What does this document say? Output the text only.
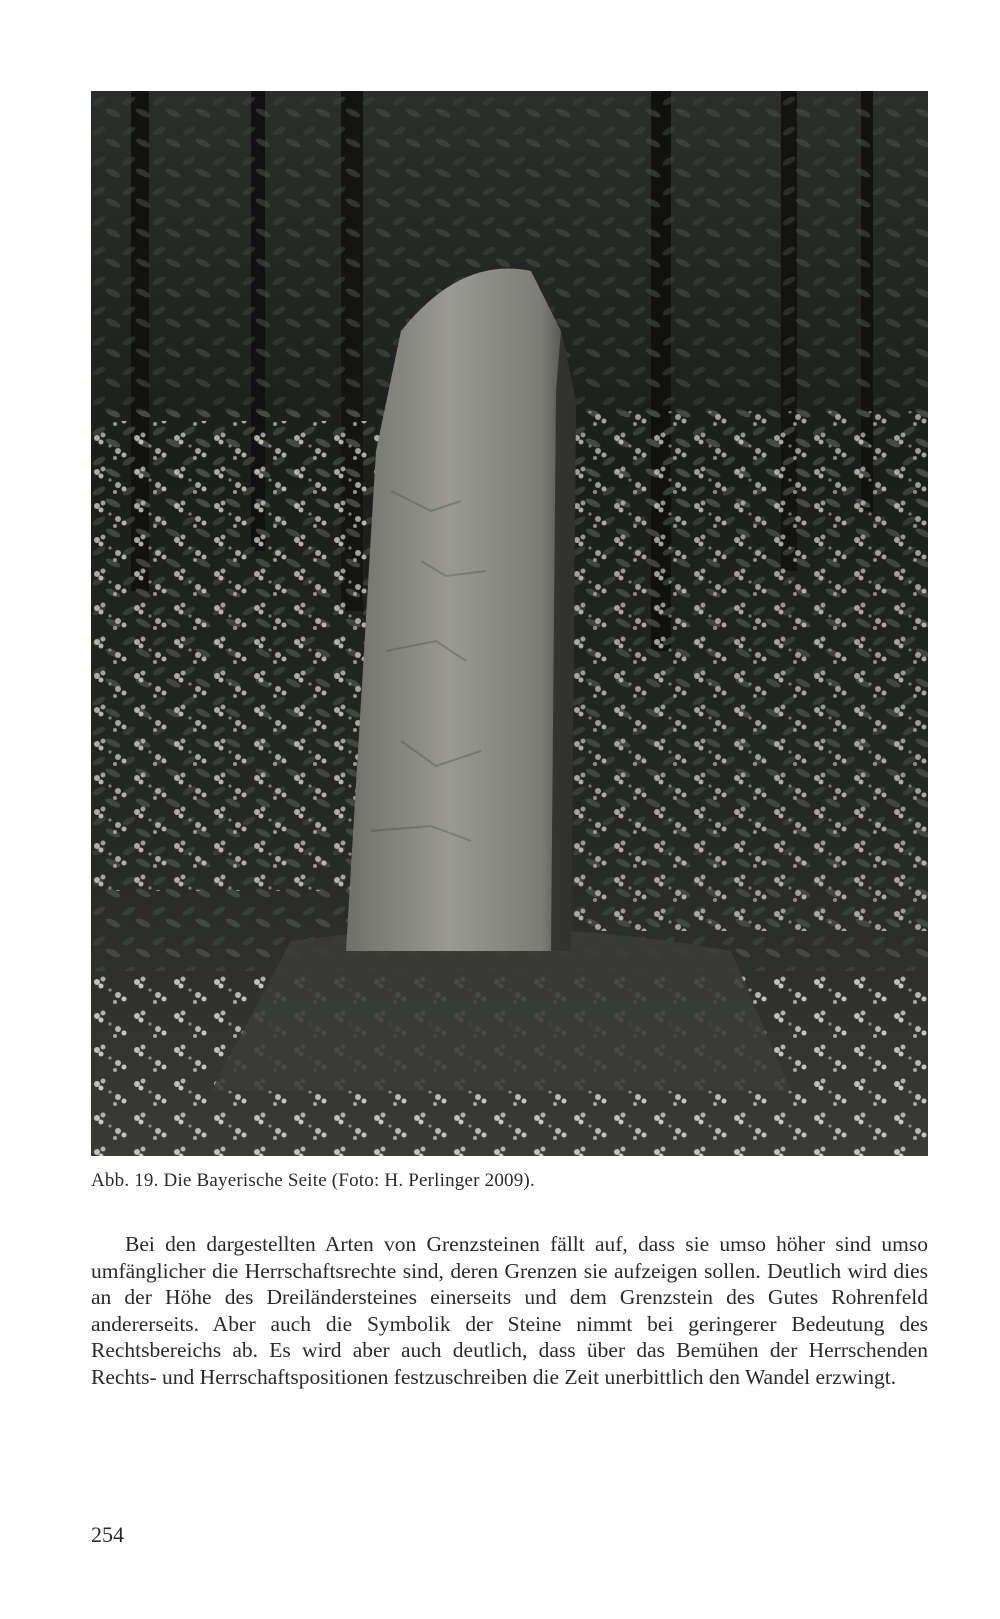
Abb. 19. Die Bayerische Seite (Foto: H. Perlinger 2009).

Bei den dargestellten Arten von Grenzsteinen fällt auf, dass sie umso höher sind umso umfänglicher die Herrschaftsrechte sind, deren Grenzen sie aufzeigen sollen. Deutlich wird dies an der Höhe des Dreiländersteines einerseits und dem Grenzstein des Gutes Rohrenfeld andererseits. Aber auch die Symbolik der Steine nimmt bei geringerer Bedeutung des Rechtsbereichs ab. Es wird aber auch deutlich, dass über das Bemühen der Herrschenden Rechts- und Herrschaftspositionen festzuschreiben die Zeit unerbittlich den Wandel erzwingt.

254
